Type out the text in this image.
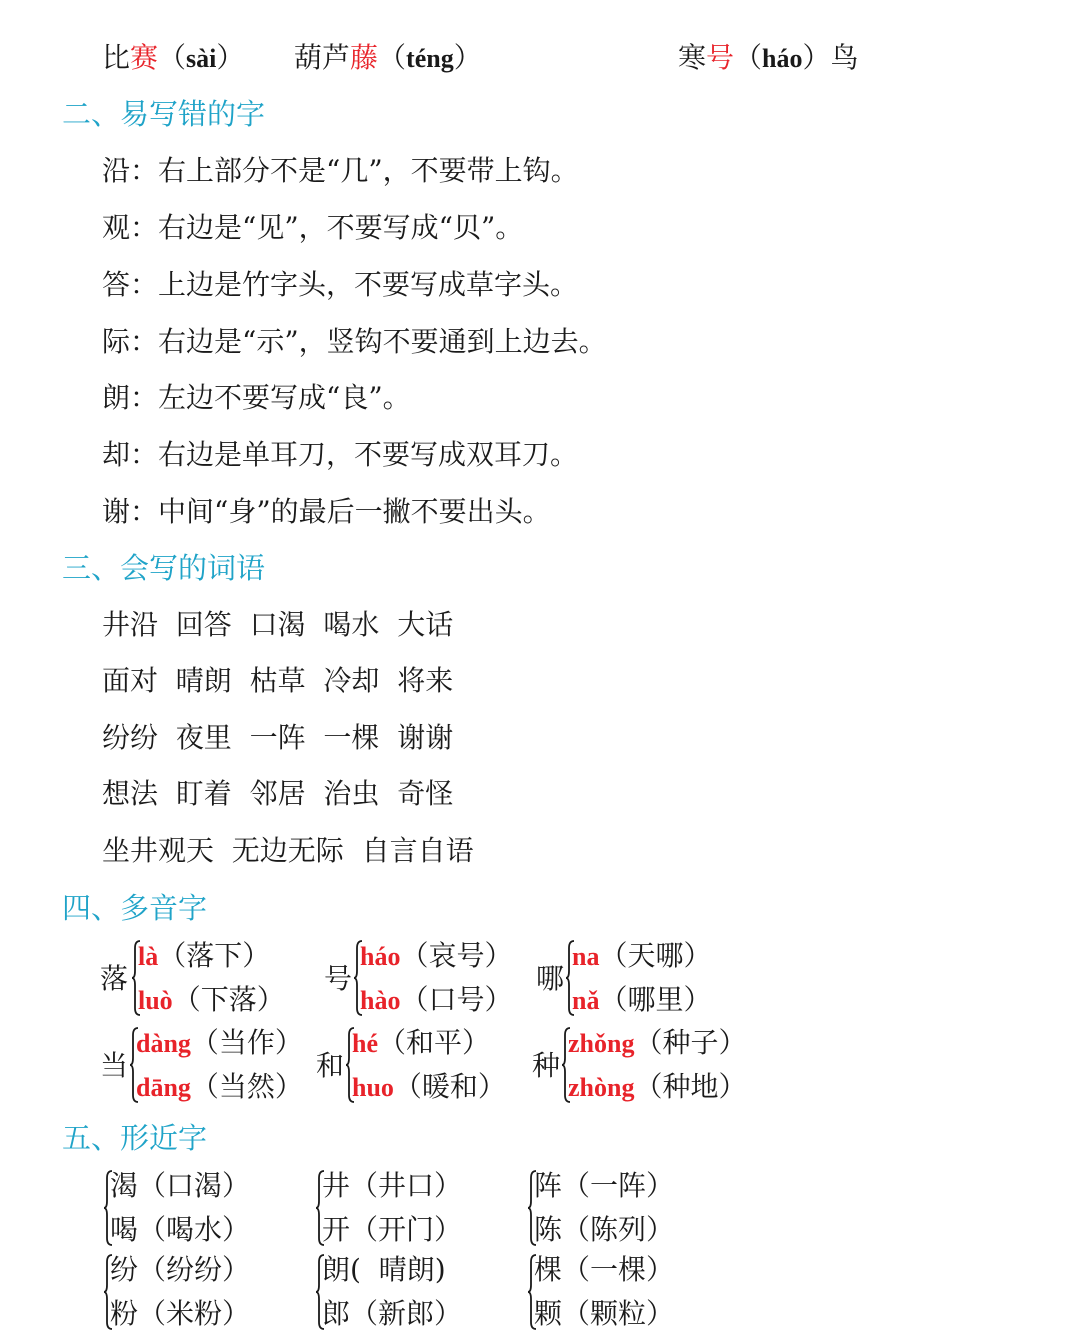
比赛（sài） 葫芦藤（téng）	寒号（háo）鸟
二、易写错的字
沿：右上部分不是“几”，不要带上钩。
观：右边是“见”，不要写成“贝”。
答：上边是竹字头，不要写成草字头。
际：右边是“示”，竖钩不要通到上边去。
朗：左边不要写成“良”。
却：右边是单耳刀，不要写成双耳刀。
谢：中间“身”的最后一撇不要出头。
三、会写的词语
井沿  回答  口渴  喝水  大话
面对  晴朗  枯草  冷却  将来
纷纷  夜里  一阵  一棵  谢谢
想法  盯着  邻居  治虫  奇怪
坐井观天  无边无际  自言自语
四、多音字
落
là（落下）
luò（下落）
号
háo（哀号）
hào（口号）
哪
na（天哪）
nǎ（哪里）
当
dàng（当作）
dāng（当然）
和
hé（和平）
huo（暖和）
种
zhǒng（种子）
zhòng（种地）
五、形近字
渴（口渴）
喝（喝水）
井（井口）
开（开门）
阵（一阵）
陈（陈列）
纷（纷纷）
粉（米粉）
朗(  晴朗)
郎（新郎）
棵（一棵）
颗（颗粒）
